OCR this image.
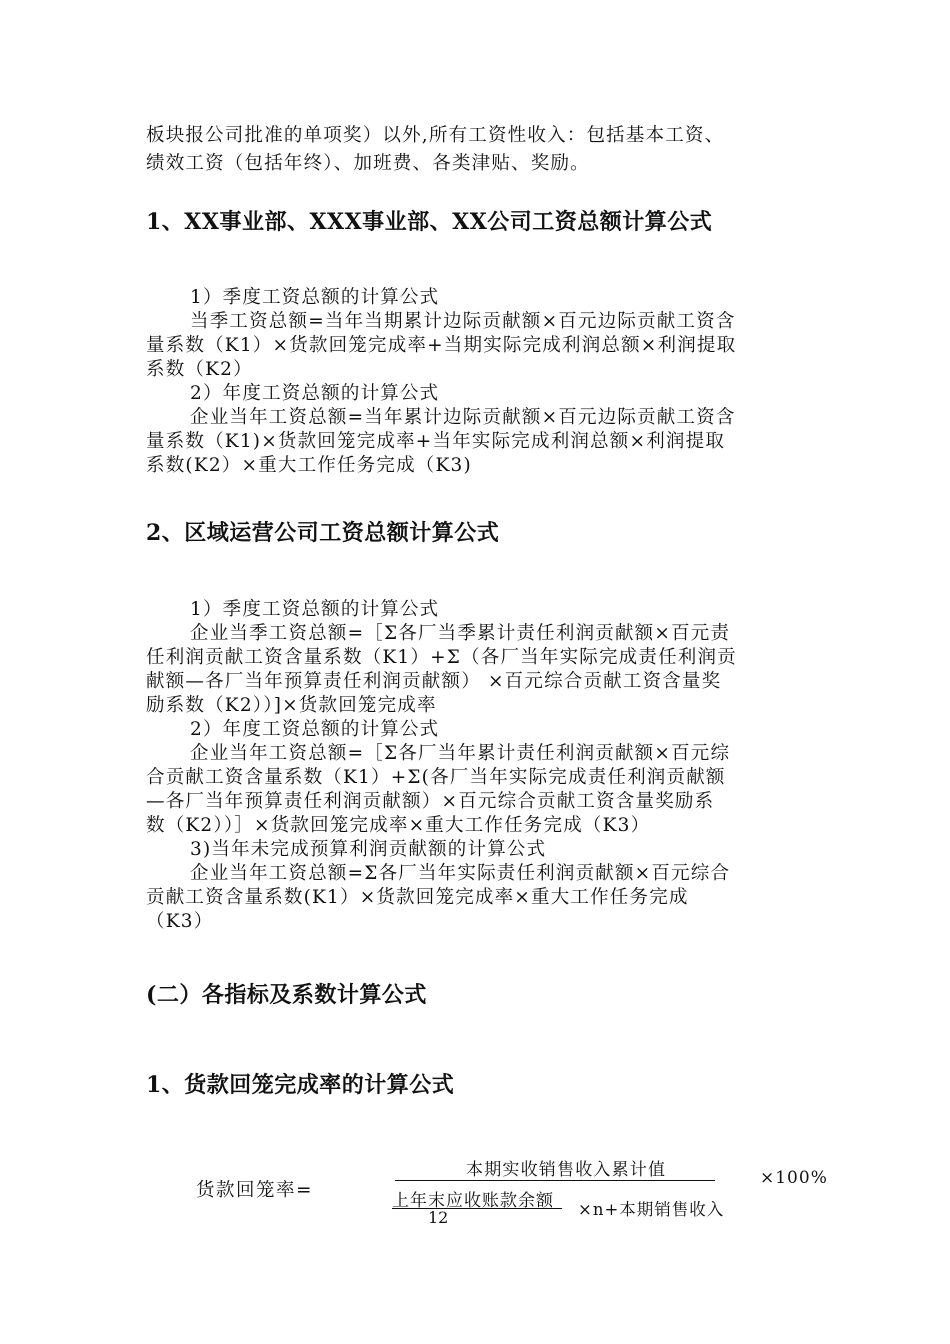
板块报公司批准的单项奖）以外,所有工资性收入：包括基本工资、

绩效工资（包括年终）、加班费、各类津贴、奖励。

1、XX事业部、XXX事业部、XX公司工资总额计算公式
1）季度工资总额的计算公式
当季工资总额=当年当期累计边际贡献额×百元边际贡献工资含
量系数（K1）×货款回笼完成率+当期实际完成利润总额×利润提取
系数（K2）
2）年度工资总额的计算公式
企业当年工资总额=当年累计边际贡献额×百元边际贡献工资含
量系数（K1)×货款回笼完成率+当年实际完成利润总额×利润提取
系数(K2）×重大工作任务完成（K3)
2、区域运营公司工资总额计算公式
1）季度工资总额的计算公式
企业当季工资总额=［Σ各厂当季累计责任利润贡献额×百元责
任利润贡献工资含量系数（K1）+Σ（各厂当年实际完成责任利润贡
献额—各厂当年预算责任利润贡献额） ×百元综合贡献工资含量奖
励系数（K2））]×货款回笼完成率
2）年度工资总额的计算公式
企业当年工资总额=［Σ各厂当年累计责任利润贡献额×百元综
合贡献工资含量系数（K1）+Σ(各厂当年实际完成责任利润贡献额
—各厂当年预算责任利润贡献额）×百元综合贡献工资含量奖励系
数（K2））］×货款回笼完成率×重大工作任务完成（K3）
3)当年未完成预算利润贡献额的计算公式
企业当年工资总额=Σ各厂当年实际责任利润贡献额×百元综合
贡献工资含量系数(K1）×货款回笼完成率×重大工作任务完成
（K3）
(二）各指标及系数计算公式
1、货款回笼完成率的计算公式
货款回笼率=
本期实收销售收入累计值
上年末应收账款余额
12	×n+本期销售收入
×100%
